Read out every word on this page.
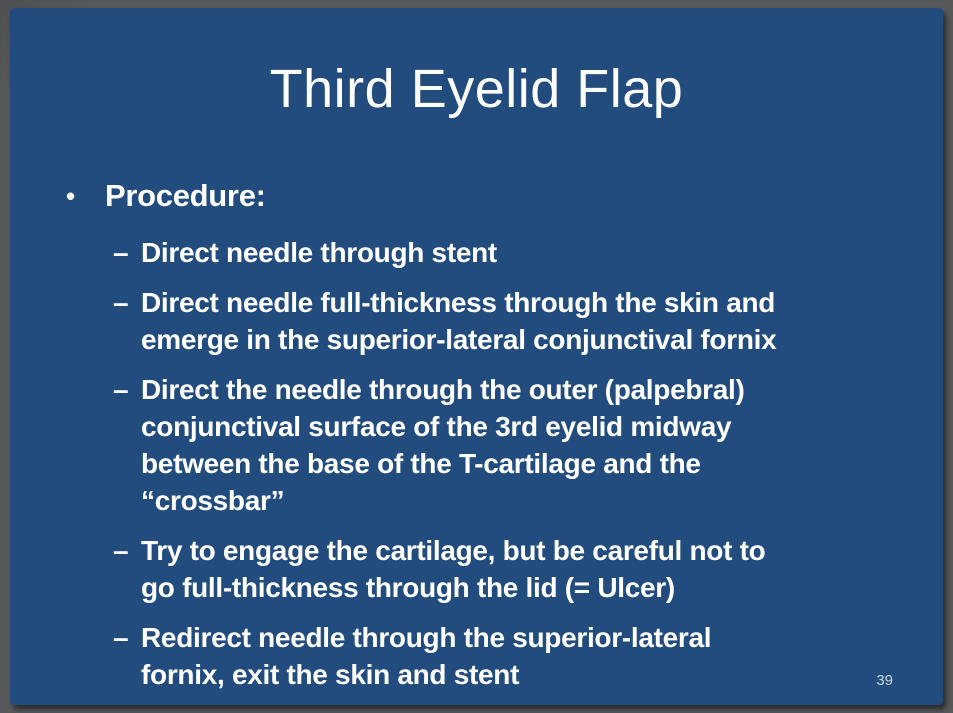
Third Eyelid Flap
• Procedure:
– Direct needle through stent
– Direct needle full-thickness through the skin and
emerge in the superior-lateral conjunctival fornix
– Direct the needle through the outer (palpebral)
conjunctival surface of the 3rd eyelid midway
between the base of the T-cartilage and the
“crossbar”
– Try to engage the cartilage, but be careful not to
go full-thickness through the lid (= Ulcer)
– Redirect needle through the superior-lateral
fornix, exit the skin and stent	39
